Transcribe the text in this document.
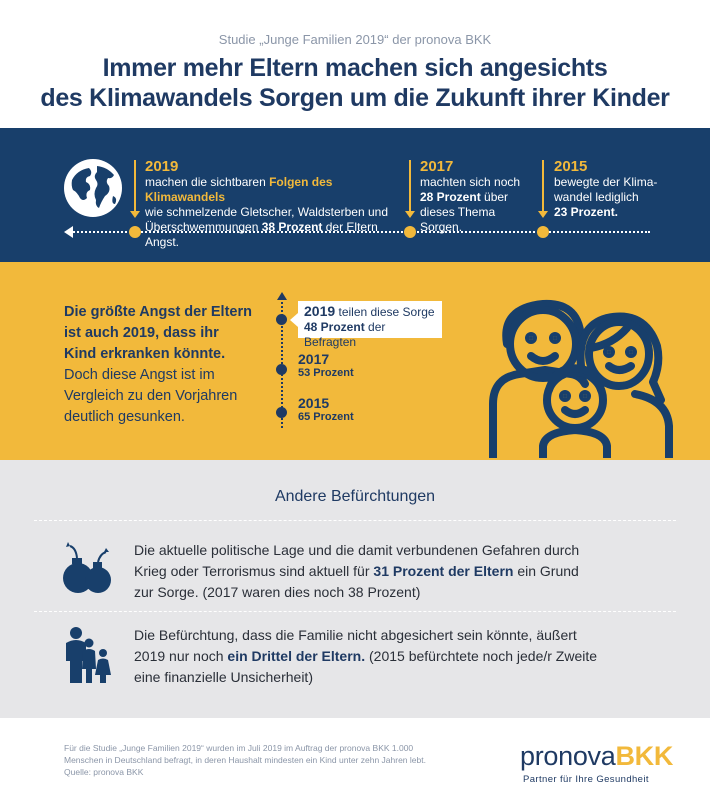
Studie „Junge Familien 2019“ der pronova BKK
Immer mehr Eltern machen sich angesichts
des Klimawandels Sorgen um die Zukunft ihrer Kinder
2019
machen die sichtbaren Folgen des Klimawandels
wie schmelzende Gletscher, Waldsterben und
Überschwemmungen 38 Prozent der Eltern Angst.
2017
machten sich noch
28 Prozent über
dieses Thema Sorgen.
2015
bewegte der Klima-
wandel lediglich
23 Prozent.
Die größte Angst der Eltern
ist auch 2019, dass ihr
Kind erkranken könnte.
Doch diese Angst ist im
Vergleich zu den Vorjahren
deutlich gesunken.
2019 teilen diese Sorge
48 Prozent der Befragten
2017
53 Prozent
2015
65 Prozent
Andere Befürchtungen
Die aktuelle politische Lage und die damit verbundenen Gefahren durch
Krieg oder Terrorismus sind aktuell für 31 Prozent der Eltern ein Grund
zur Sorge. (2017 waren dies noch 38 Prozent)
Die Befürchtung, dass die Familie nicht abgesichert sein könnte, äußert
2019 nur noch ein Drittel der Eltern. (2015 befürchtete noch jede/r Zweite
eine finanzielle Unsicherheit)
Für die Studie „Junge Familien 2019“ wurden im Juli 2019 im Auftrag der pronova BKK 1.000
Menschen in Deutschland befragt, in deren Haushalt mindesten ein Kind unter zehn Jahren lebt.
Quelle: pronova BKK
pronovaBKK
Partner für Ihre Gesundheit
